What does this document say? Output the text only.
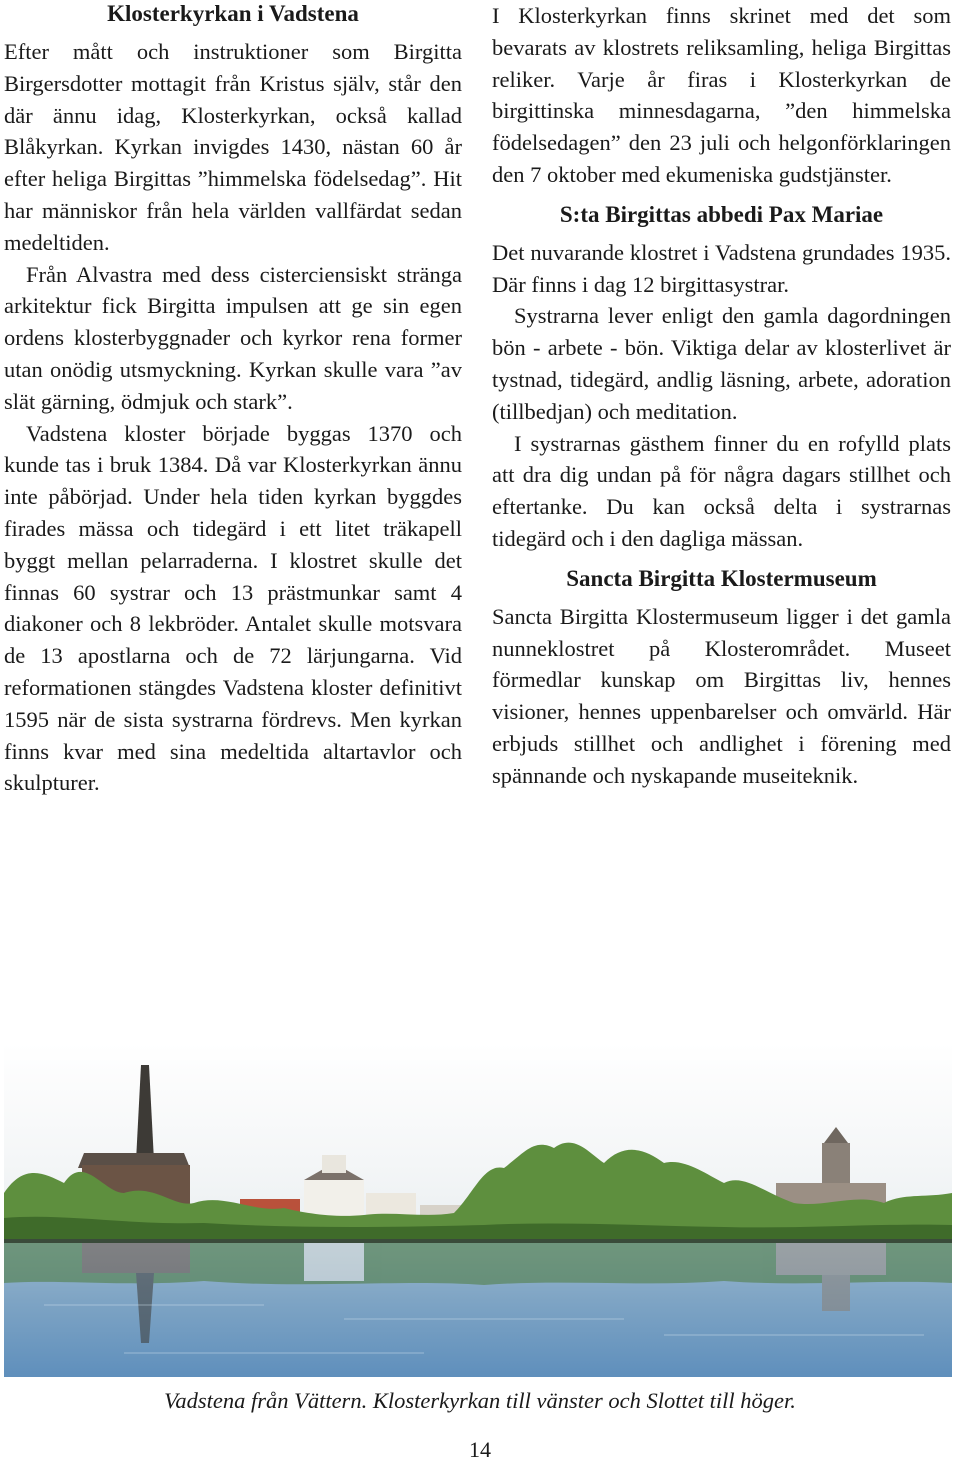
Klosterkyrkan i Vadstena

Efter mått och instruktioner som Birgitta Birgersdotter mottagit från Kristus själv, står den där ännu idag, Klosterkyrkan, också kallad Blåkyrkan. Kyrkan invigdes 1430, nästan 60 år efter heliga Birgittas ”himmelska födelsedag”. Hit har människor från hela världen vallfärdat sedan medeltiden.

Från Alvastra med dess cisterciensiskt stränga arkitektur fick Birgitta impulsen att ge sin egen ordens klosterbyggnader och kyrkor rena former utan onödig utsmyckning. Kyrkan skulle vara ”av slät gärning, ödmjuk och stark”.

Vadstena kloster började byggas 1370 och kunde tas i bruk 1384. Då var Klosterkyrkan ännu inte påbörjad. Under hela tiden kyrkan byggdes firades mässa och tidegärd i ett litet träkapell byggt mellan pelarraderna. I klostret skulle det finnas 60 systrar och 13 prästmunkar samt 4 diakoner och 8 lekbröder. Antalet skulle motsvara de 13 apostlarna och de 72 lärjungarna. Vid reformationen stängdes Vadstena kloster definitivt 1595 när de sista systrarna fördrevs. Men kyrkan finns kvar med sina medeltida altartavlor och skulpturer.

I Klosterkyrkan finns skrinet med det som bevarats av klostrets reliksamling, heliga Birgittas reliker. Varje år firas i Klosterkyrkan de birgittinska minnesdagarna, ”den himmelska födelsedagen” den 23 juli och helgonförklaringen den 7 oktober med ekumeniska gudstjänster.

S:ta Birgittas abbedi Pax Mariae

Det nuvarande klostret i Vadstena grundades 1935. Där finns i dag 12 birgittasystrar.

Systrarna lever enligt den gamla dagordningen bön - arbete - bön. Viktiga delar av klosterlivet är tystnad, tidegärd, andlig läsning, arbete, adoration (tillbedjan) och meditation.

I systrarnas gästhem finner du en rofylld plats att dra dig undan på för några dagars stillhet och eftertanke. Du kan också delta i systrarnas tidegärd och i den dagliga mässan.

Sancta Birgitta Klostermuseum

Sancta Birgitta Klostermuseum ligger i det gamla nunneklostret på Klosterområdet. Museet förmedlar kunskap om Birgittas liv, hennes visioner, hennes uppenbarelser och omvärld. Här erbjuds stillhet och andlighet i förening med spännande och nyskapande museiteknik.

Vadstena från Vättern. Klosterkyrkan till vänster och Slottet till höger.
14
